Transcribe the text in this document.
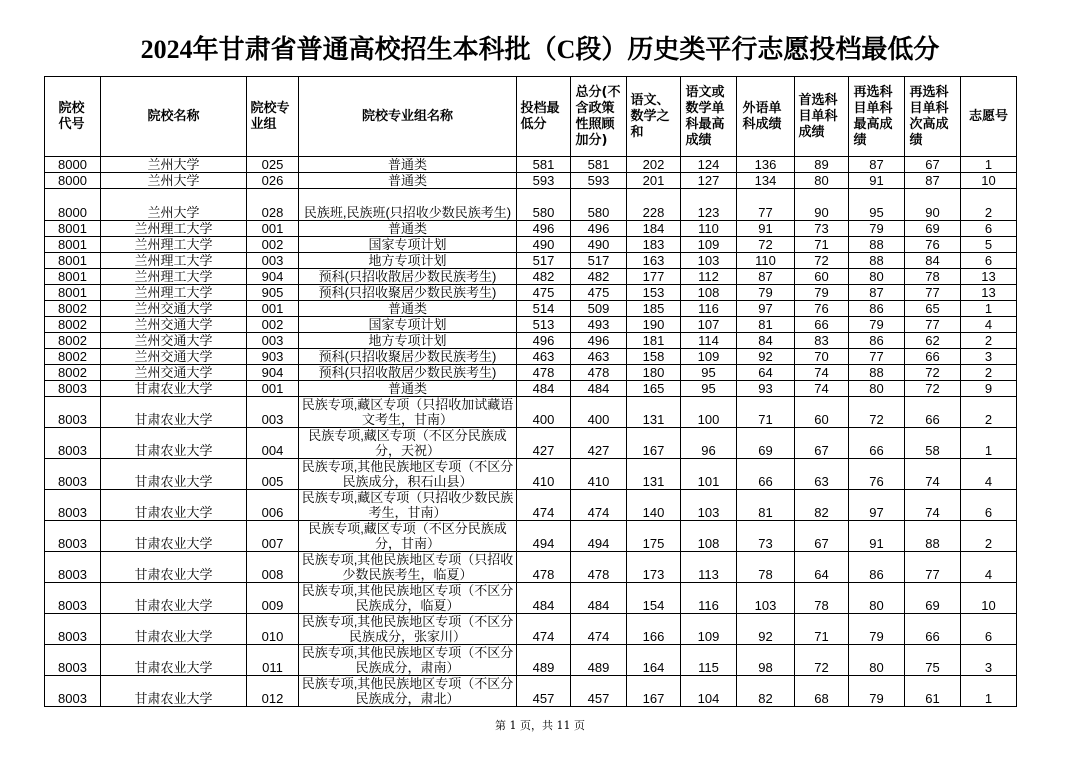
2024年甘肃省普通高校招生本科批（C段）历史类平行志愿投档最低分
院校代号	院校名称	院校专业组	院校专业组名称	投档最低分	总分(不含政策性照顾加分)	语文、数学之和	语文或数学单科最高成绩	外语单科成绩	首选科目单科成绩	再选科目单科最高成绩	再选科目单科次高成绩	志愿号
8000	兰州大学	025	普通类	581	581	202	124	136	89	87	67	1
8000	兰州大学	026	普通类	593	593	201	127	134	80	91	87	10
8000	兰州大学	028	民族班,民族班(只招收少数民族考生)	580	580	228	123	77	90	95	90	2
8001	兰州理工大学	001	普通类	496	496	184	110	91	73	79	69	6
8001	兰州理工大学	002	国家专项计划	490	490	183	109	72	71	88	76	5
8001	兰州理工大学	003	地方专项计划	517	517	163	103	110	72	88	84	6
8001	兰州理工大学	904	预科(只招收散居少数民族考生)	482	482	177	112	87	60	80	78	13
8001	兰州理工大学	905	预科(只招收聚居少数民族考生)	475	475	153	108	79	79	87	77	13
8002	兰州交通大学	001	普通类	514	509	185	116	97	76	86	65	1
8002	兰州交通大学	002	国家专项计划	513	493	190	107	81	66	79	77	4
8002	兰州交通大学	003	地方专项计划	496	496	181	114	84	83	86	62	2
8002	兰州交通大学	903	预科(只招收聚居少数民族考生)	463	463	158	109	92	70	77	66	3
8002	兰州交通大学	904	预科(只招收散居少数民族考生)	478	478	180	95	64	74	88	72	2
8003	甘肃农业大学	001	普通类	484	484	165	95	93	74	80	72	9
8003	甘肃农业大学	003	民族专项,藏区专项（只招收加试藏语文考生，甘南）	400	400	131	100	71	60	72	66	2
8003	甘肃农业大学	004	民族专项,藏区专项（不区分民族成分，天祝）	427	427	167	96	69	67	66	58	1
8003	甘肃农业大学	005	民族专项,其他民族地区专项（不区分民族成分，积石山县）	410	410	131	101	66	63	76	74	4
8003	甘肃农业大学	006	民族专项,藏区专项（只招收少数民族考生，甘南）	474	474	140	103	81	82	97	74	6
8003	甘肃农业大学	007	民族专项,藏区专项（不区分民族成分，甘南）	494	494	175	108	73	67	91	88	2
8003	甘肃农业大学	008	民族专项,其他民族地区专项（只招收少数民族考生，临夏）	478	478	173	113	78	64	86	77	4
8003	甘肃农业大学	009	民族专项,其他民族地区专项（不区分民族成分，临夏）	484	484	154	116	103	78	80	69	10
8003	甘肃农业大学	010	民族专项,其他民族地区专项（不区分民族成分，张家川）	474	474	166	109	92	71	79	66	6
8003	甘肃农业大学	011	民族专项,其他民族地区专项（不区分民族成分，肃南）	489	489	164	115	98	72	80	75	3
8003	甘肃农业大学	012	民族专项,其他民族地区专项（不区分民族成分，肃北）	457	457	167	104	82	68	79	61	1
第 1 页，共 11 页
